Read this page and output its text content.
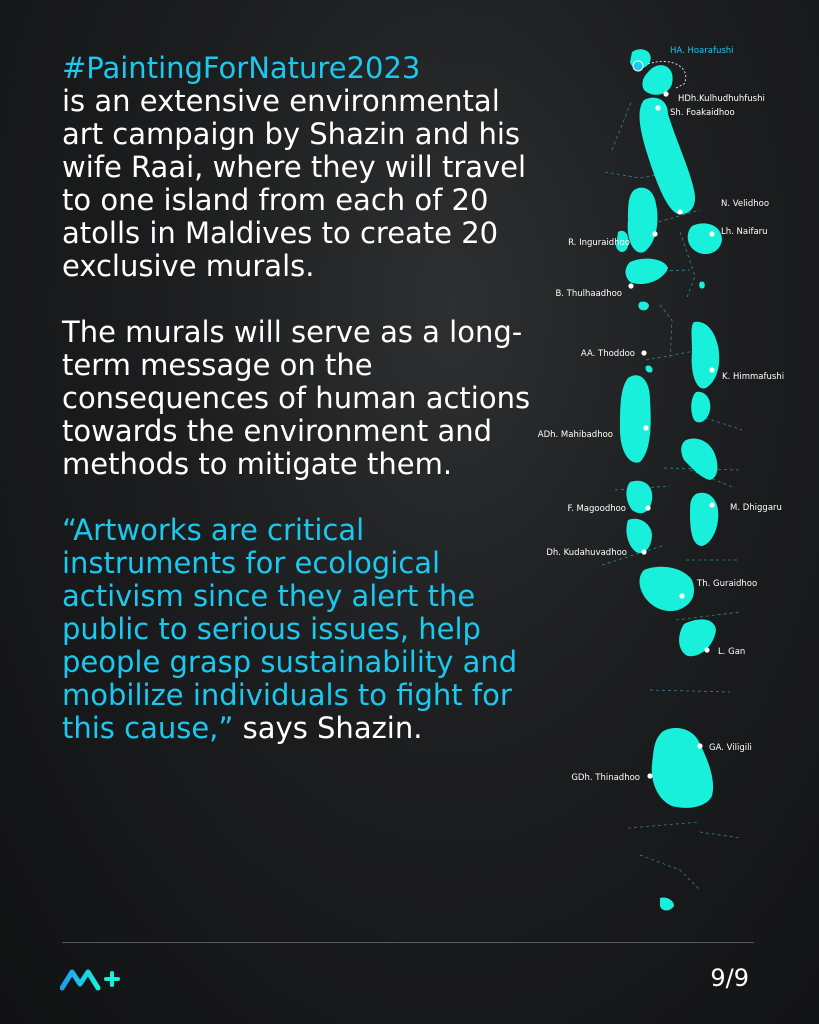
#PaintingForNature2023

is an extensive environmental art campaign by Shazin and his wife Raai, where they will travel to one island from each of 20 atolls in Maldives to create 20 exclusive murals.

The murals will serve as a long-term message on the consequences of human actions towards the environment and methods to mitigate them.

“Artworks are critical instruments for ecological activism since they alert the public to serious issues, help people grasp sustainability and mobilize individuals to fight for this cause,” says Shazin.

HA. Hoarafushi
HDh.Kulhudhuhfushi
Sh. Foakaidhoo
N. Velidhoo
Lh. Naifaru
R. Inguraidhoo
B. Thulhaadhoo
AA. Thoddoo
K. Himmafushi
ADh. Mahibadhoo
F. Magoodhoo	M. Dhiggaru
Dh. Kudahuvadhoo
Th. Guraidhoo
L. Gan
GA. Viligili
GDh. Thinadhoo
9/9
